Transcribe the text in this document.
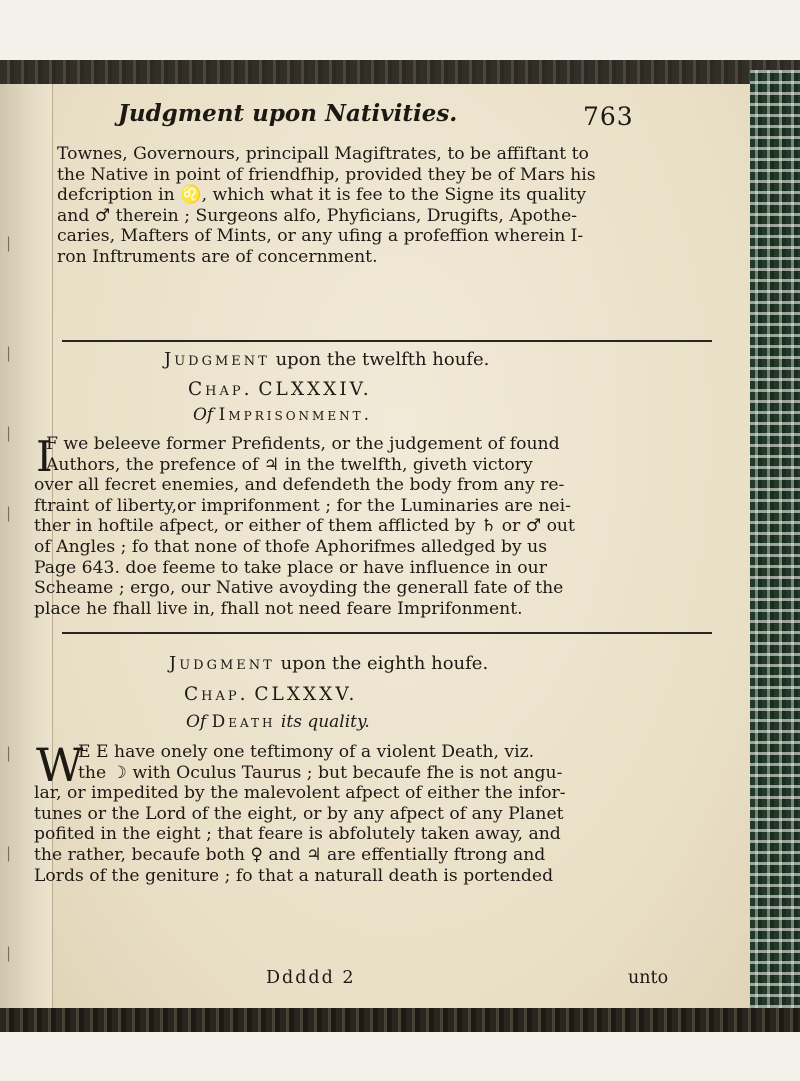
|
|
|
|
|
|
|
Judgment upon Nativities.	763
Townes, Governours, principall Magiftrates, to be affiftant to
the Native in point of friendfhip, provided they be of Mars his
defcription in ♌, which what it is fee to the Signe its quality
and ♂ therein ; Surgeons alfo, Phyficians, Drugifts, Apothe-
caries, Mafters of Mints, or any ufing a profeffion wherein I-
ron Inftruments are of concernment.
Judgment upon the twelfth houfe.
Chap. CLXXXIV.
Of Imprisonment.
I
F we beleeve former Prefidents, or the judgement of found
Authors, the prefence of ♃ in the twelfth, giveth victory
over all fecret enemies, and defendeth the body from any re-
ftraint of liberty,or imprifonment ; for the Luminaries are nei-
ther in hoftile afpect, or either of them afflicted by ♄ or ♂ out
of Angles ; fo that none of thofe Aphorifmes alledged by us
Page 643. doe feeme to take place or have influence in our
Scheame ; ergo, our Native avoyding the generall fate of the
place he fhall live in, fhall not need feare Imprifonment.
Judgment upon the eighth houfe.
Chap. CLXXXV.
Of Death its quality.
W
E E have onely one teftimony of a violent Death, viz.
the ☽ with Oculus Taurus ; but becaufe fhe is not angu-
lar, or impedited by the malevolent afpect of either the infor-
tunes or the Lord of the eight, or by any afpect of any Planet
pofited in the eight ; that feare is abfolutely taken away, and
the rather, becaufe both ♀ and ♃ are effentially ftrong and
Lords of the geniture ; fo that a naturall death is portended
Ddddd 2	unto
